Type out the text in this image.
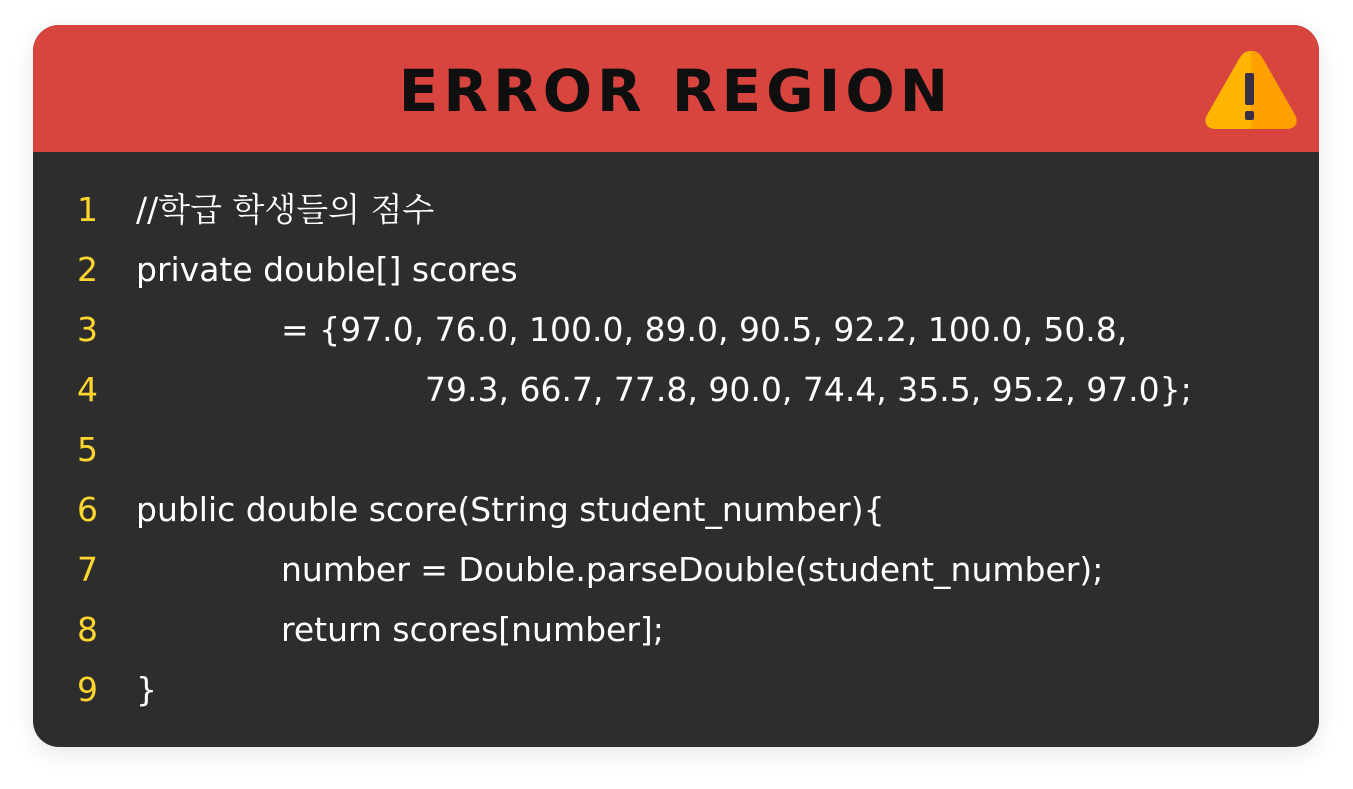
ERROR REGION

1

//학급 학생들의 점수

2

private double[] scores

3

	= {97.0, 76.0, 100.0, 89.0, 90.5, 92.2, 100.0, 50.8,

4

	79.3, 66.7, 77.8, 90.0, 74.4, 35.5, 95.2, 97.0};

5

6

public double score(String student_number){

7

	number = Double.parseDouble(student_number);

8

	return scores[number];

9

}
